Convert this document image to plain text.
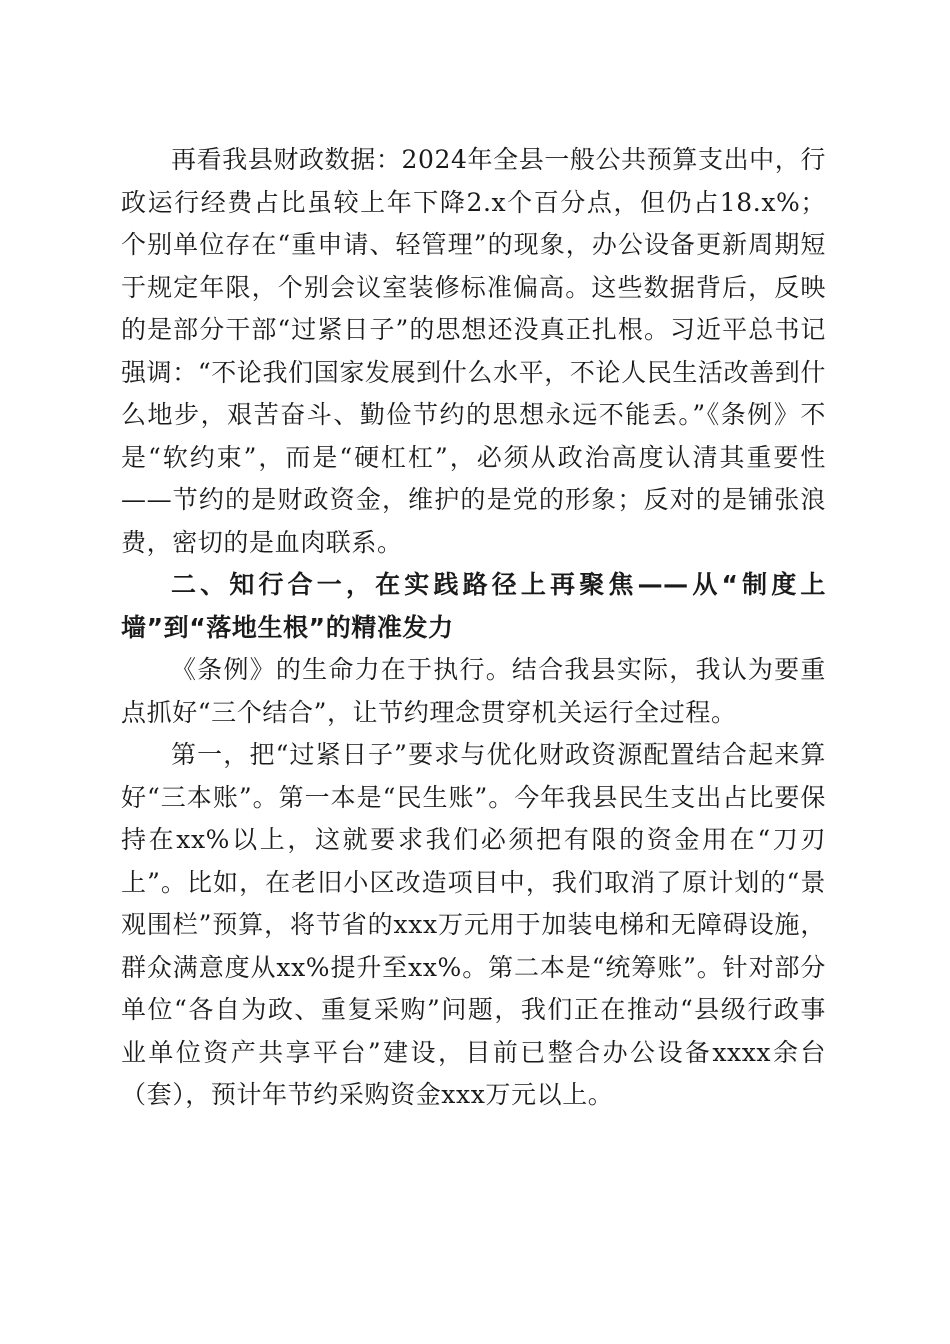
再看我县财政数据：2024年全县一般公共预算支出中，行政运行经费占比虽较上年下降2.x个百分点，但仍占18.x%；个别单位存在“重申请、轻管理”的现象，办公设备更新周期短于规定年限，个别会议室装修标准偏高。这些数据背后，反映的是部分干部“过紧日子”的思想还没真正扎根。习近平总书记强调：“不论我们国家发展到什么水平，不论人民生活改善到什么地步，艰苦奋斗、勤俭节约的思想永远不能丢。”《条例》不是“软约束”，而是“硬杠杠”，必须从政治高度认清其重要性——节约的是财政资金，维护的是党的形象；反对的是铺张浪费，密切的是血肉联系。

二、知行合一，在实践路径上再聚焦——从“制度上墙”到“落地生根”的精准发力

《条例》的生命力在于执行。结合我县实际，我认为要重点抓好“三个结合”，让节约理念贯穿机关运行全过程。

第一，把“过紧日子”要求与优化财政资源配置结合起来算好“三本账”。第一本是“民生账”。今年我县民生支出占比要保持在xx%以上，这就要求我们必须把有限的资金用在“刀刃上”。比如，在老旧小区改造项目中，我们取消了原计划的“景观围栏”预算，将节省的xxx万元用于加装电梯和无障碍设施，群众满意度从xx%提升至xx%。第二本是“统筹账”。针对部分单位“各自为政、重复采购”问题，我们正在推动“县级行政事业单位资产共享平台”建设，目前已整合办公设备xxxx余台（套），预计年节约采购资金xxx万元以上。
